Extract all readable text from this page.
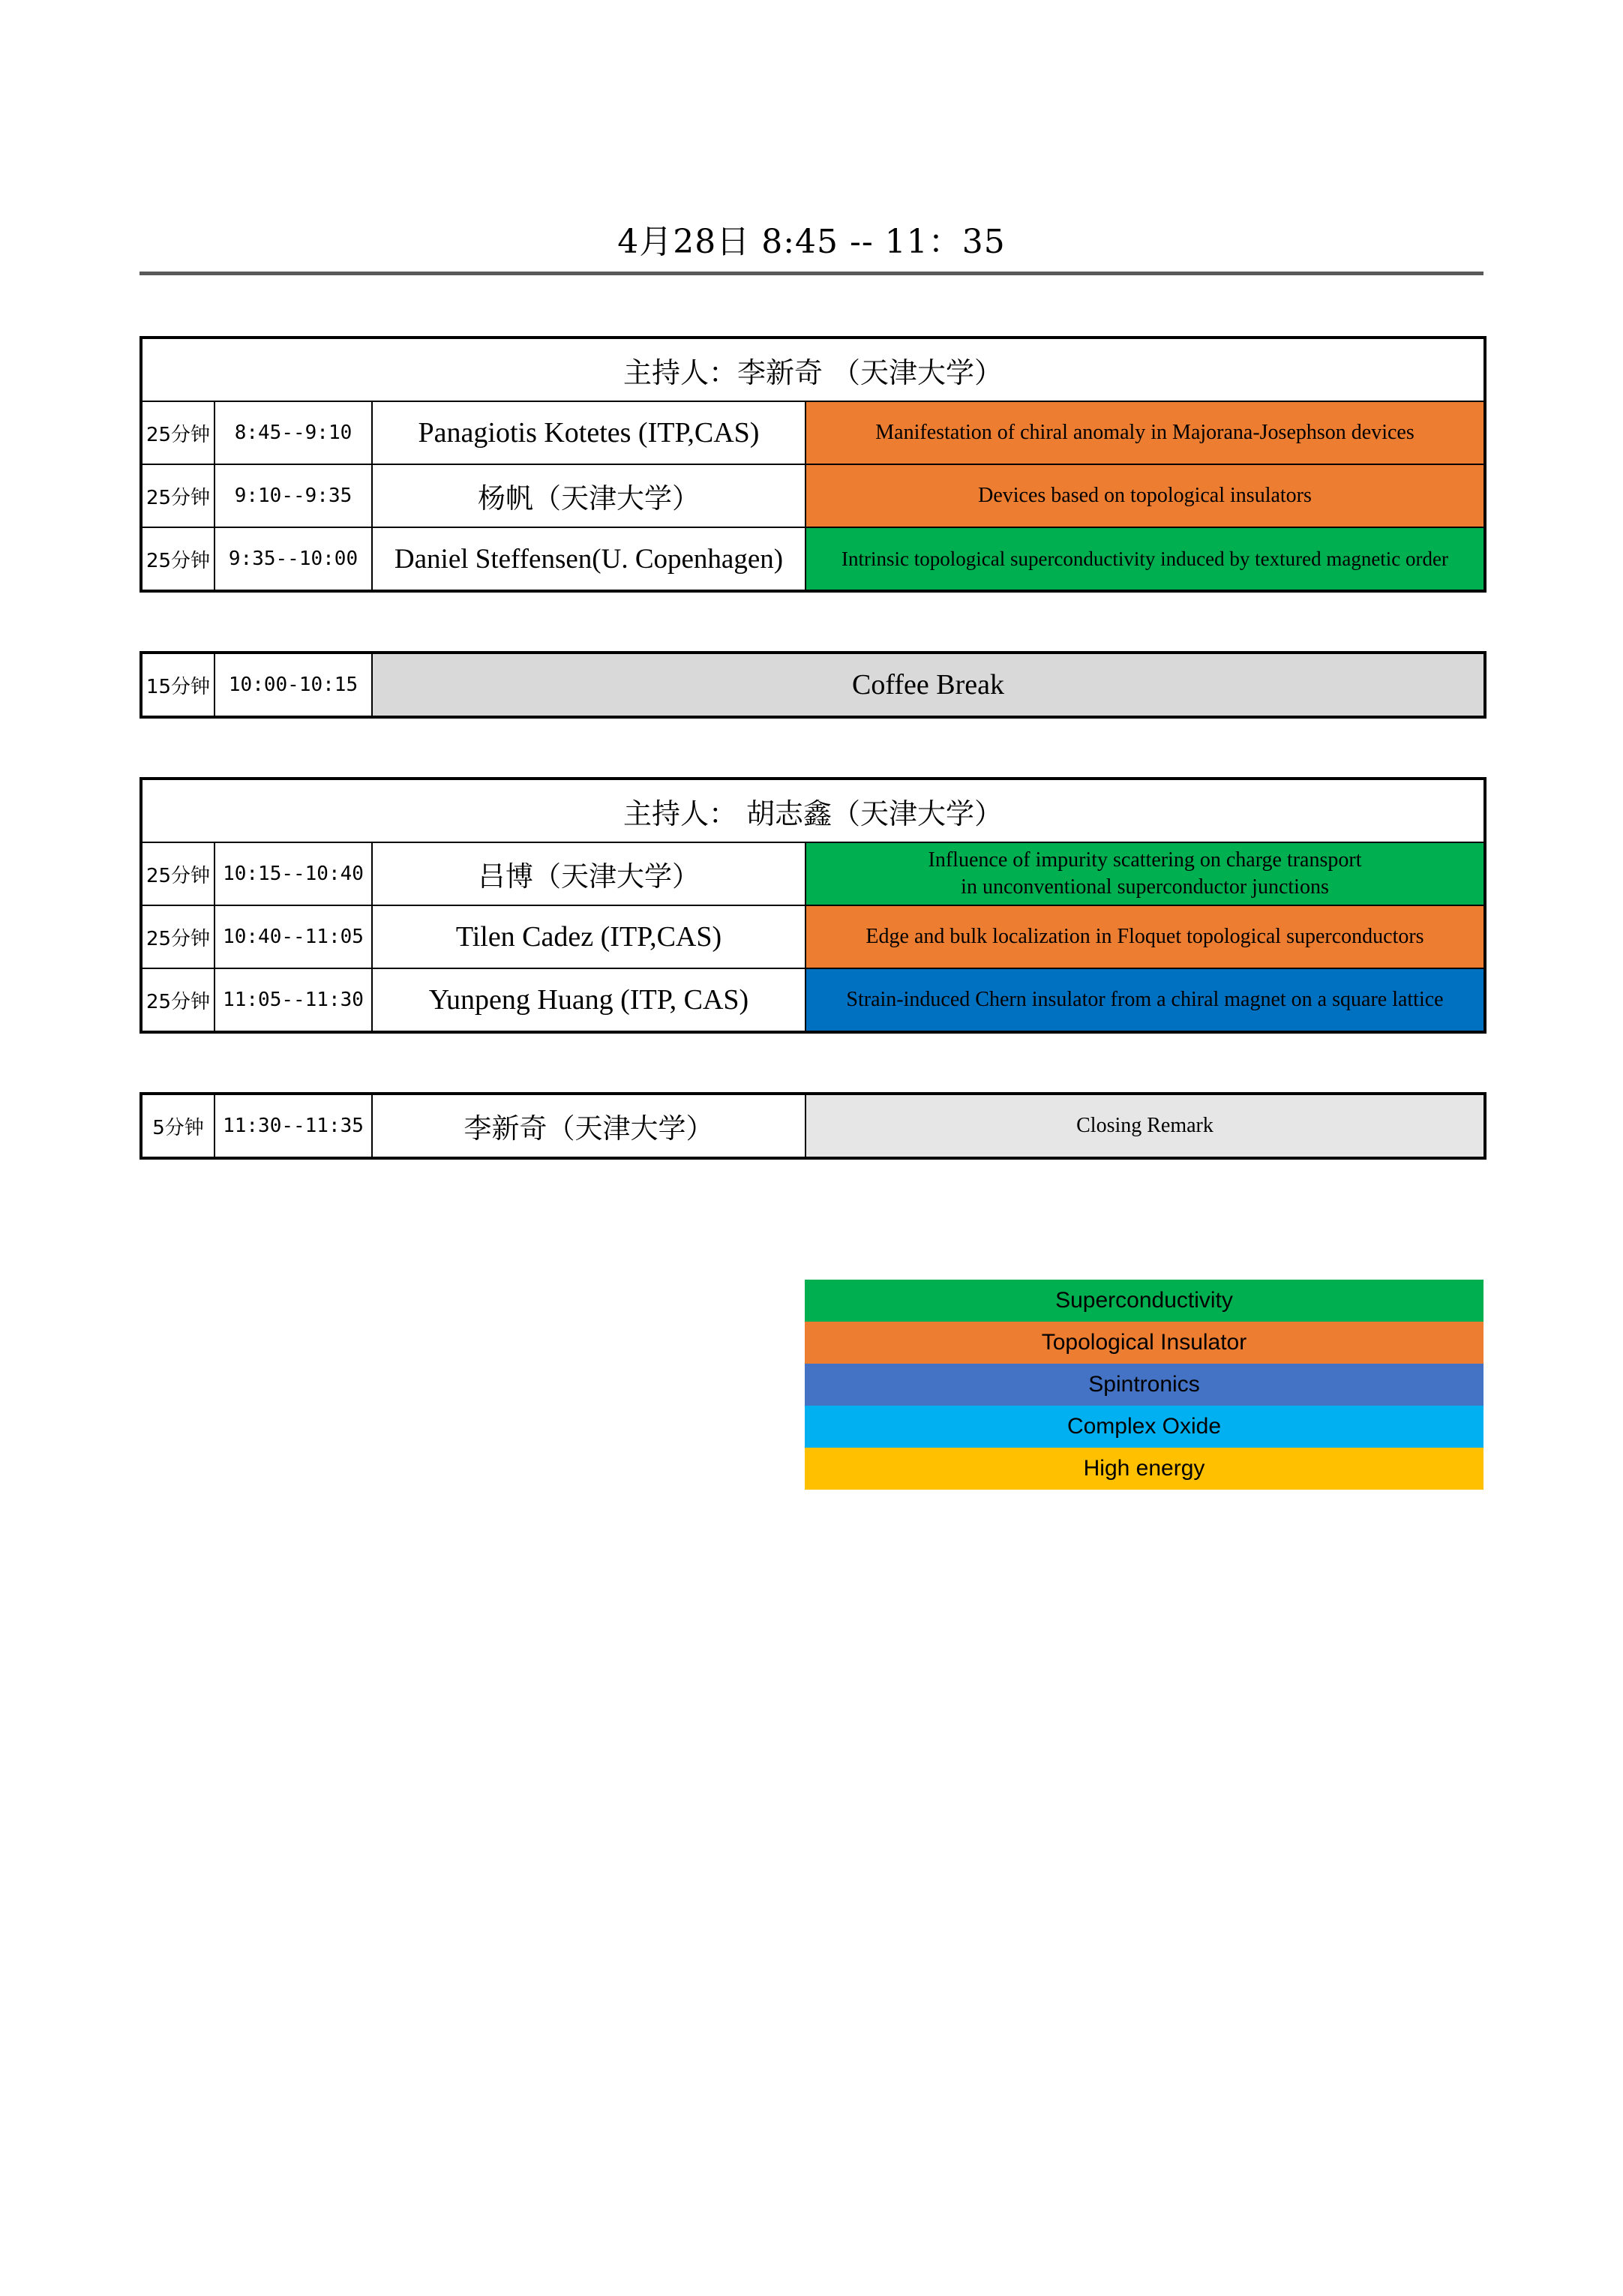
4月28日 8:45 -- 11：35
主持人：李新奇 （天津大学）			
25分钟	8:45--9:10	Panagiotis Kotetes (ITP,CAS)	Manifestation of chiral anomaly in Majorana-Josephson devices
25分钟	9:10--9:35	杨帆（天津大学）	Devices based on topological insulators
25分钟	9:35--10:00	Daniel Steffensen(U. Copenhagen)	Intrinsic topological superconductivity induced by textured magnetic order
15分钟	10:00-10:15	Coffee Break
主持人： 胡志鑫（天津大学）			
25分钟	10:15--10:40	吕博（天津大学）	Influence of impurity scattering on charge transport
in unconventional superconductor junctions

25分钟	10:40--11:05	Tilen Cadez (ITP,CAS)	Edge and bulk localization in Floquet topological superconductors
25分钟	11:05--11:30	Yunpeng Huang (ITP, CAS)	Strain-induced Chern insulator from a chiral magnet on a square lattice
5分钟	11:30--11:35	李新奇（天津大学）	Closing Remark
Superconductivity
Topological Insulator
Spintronics
Complex Oxide
High energy
